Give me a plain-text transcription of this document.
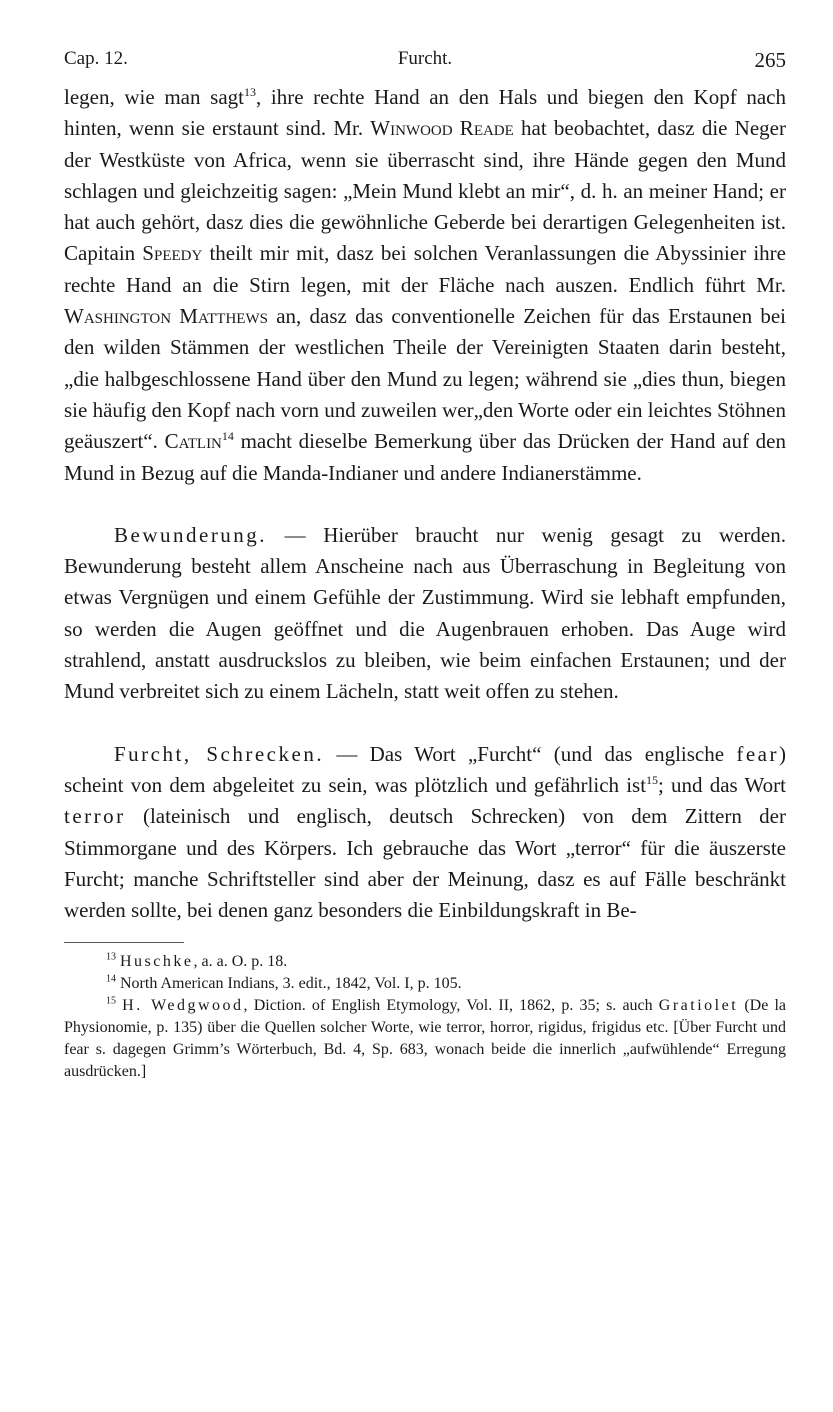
Cap. 12.	Furcht.	265

legen, wie man sagt$^{13}$, ihre rechte Hand an den Hals und biegen den Kopf nach hinten, wenn sie erstaunt sind. Mr. Winwood Reade hat beobachtet, dasz die Neger der Westküste von Africa, wenn sie überrascht sind, ihre Hände gegen den Mund schlagen und gleichzeitig sagen: „Mein Mund klebt an mir“, d. h. an meiner Hand; er hat auch gehört, dasz dies die gewöhnliche Geberde bei derartigen Gelegenheiten ist. Capitain Speedy theilt mir mit, dasz bei solchen Veranlassungen die Abyssinier ihre rechte Hand an die Stirn legen, mit der Fläche nach auszen. Endlich führt Mr. Washington Matthews an, dasz das conventionelle Zeichen für das Erstaunen bei den wilden Stämmen der westlichen Theile der Vereinigten Staaten darin besteht, „die halbgeschlossene Hand über den Mund zu legen; während sie „dies thun, biegen sie häufig den Kopf nach vorn und zuweilen wer„den Worte oder ein leichtes Stöhnen geäuszert“. Catlin$^{14}$ macht dieselbe Bemerkung über das Drücken der Hand auf den Mund in Bezug auf die Manda-Indianer und andere Indianerstämme.

Bewunderung. — Hierüber braucht nur wenig gesagt zu werden. Bewunderung besteht allem Anscheine nach aus Überraschung in Begleitung von etwas Vergnügen und einem Gefühle der Zustimmung. Wird sie lebhaft empfunden, so werden die Augen geöffnet und die Augenbrauen erhoben. Das Auge wird strahlend, anstatt ausdruckslos zu bleiben, wie beim einfachen Erstaunen; und der Mund verbreitet sich zu einem Lächeln, statt weit offen zu stehen.

Furcht, Schrecken. — Das Wort „Furcht“ (und das englische fear) scheint von dem abgeleitet zu sein, was plötzlich und gefährlich ist$^{15}$; und das Wort terror (lateinisch und englisch, deutsch Schrecken) von dem Zittern der Stimmorgane und des Körpers. Ich gebrauche das Wort „terror“ für die äuszerste Furcht; manche Schriftsteller sind aber der Meinung, dasz es auf Fälle beschränkt werden sollte, bei denen ganz besonders die Einbildungskraft in Be-

$^{13}$ Huschke, a. a. O. p. 18.

$^{14}$ North American Indians, 3. edit., 1842, Vol. I, p. 105.

$^{15}$ H. Wedgwood, Diction. of English Etymology, Vol. II, 1862, p. 35; s. auch Gratiolet (De la Physionomie, p. 135) über die Quellen solcher Worte, wie terror, horror, rigidus, frigidus etc. [Über Furcht und fear s. dagegen Grimm’s Wörterbuch, Bd. 4, Sp. 683, wonach beide die innerlich „aufwühlende“ Erregung ausdrücken.]
